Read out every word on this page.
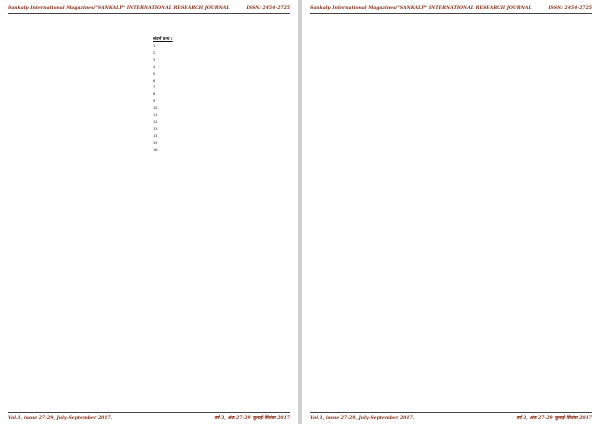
Sankalp International Magazines/"SANKALP" INTERNATIONAL RESEARCH JOURNAL	ISSN: 2454-2725

संदर्भ ग्रन्थ :
1
2
3
4
5
6
7
8
9
10
11
12
13
14
15
16
Vol.1, issue 27-29, July-September 2017.	वर्ष 3, अंक 27-29 जुलाई-सितंबर 2017
Sankalp International Magazines/"SANKALP" INTERNATIONAL RESEARCH JOURNAL	ISSN: 2454-2725

Vol.1, issue 27-29, July-September 2017.	वर्ष 3, अंक 27-29 जुलाई-सितंबर 2017
